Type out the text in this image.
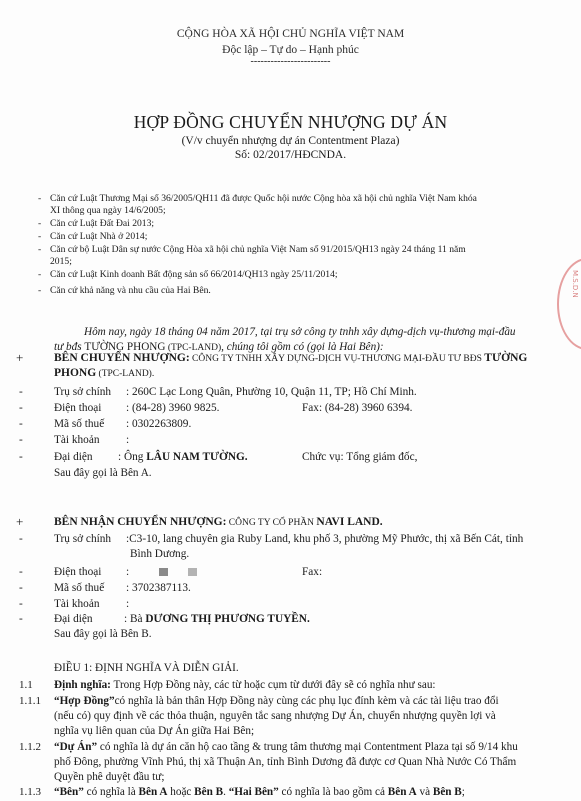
CỘNG HÒA XÃ HỘI CHỦ NGHĨA VIỆT NAM
Độc lập – Tự do – Hạnh phúc
------------------------
HỢP ĐỒNG CHUYỂN NHƯỢNG DỰ ÁN
(V/v chuyển nhượng dự án Contentment Plaza)
Số: 02/2017/HĐCNDA.
- Căn cứ Luật Thương Mại số 36/2005/QH11 đã được Quốc hội nước Cộng hòa xã hội chủ nghĩa Việt Nam khóa
XI thông qua ngày 14/6/2005;
- Căn cứ Luật Đất Đai 2013;
- Căn cứ Luật Nhà ở 2014;
- Căn cứ bộ Luật Dân sự nước Cộng Hòa xã hội chủ nghĩa Việt Nam số 91/2015/QH13 ngày 24 tháng 11 năm
2015;
- Căn cứ Luật Kinh doanh Bất động sản số 66/2014/QH13 ngày 25/11/2014;
- Căn cứ khả năng và nhu cầu của Hai Bên.	M.S.D.N
Hôm nay, ngày 18 tháng 04 năm 2017, tại trụ sở công ty tnhh xây dựng-dịch vụ-thương mại-đầu
tư bđs TƯỜNG PHONG (TPC-LAND), chúng tôi gồm có (gọi là Hai Bên):
+	BÊN CHUYỂN NHƯỢNG: CÔNG TY TNHH XÂY DỰNG-DỊCH VỤ-THƯƠNG MẠI-ĐẦU TƯ BĐS TƯỜNG
PHONG (TPC-LAND).
-	Trụ sở chính : 260C Lạc Long Quân, Phường 10, Quận 11, TP; Hồ Chí Minh.
-	Điện thoại : (84-28) 3960 9825.	Fax: (84-28) 3960 6394.
-	Mã số thuế : 0302263809.
-	Tài khoản :
-	Đại diện : Ông LÂU NAM TƯỜNG.	Chức vụ: Tổng giám đốc,
Sau đây gọi là Bên A.
+	BÊN NHẬN CHUYỂN NHƯỢNG: CÔNG TY CỔ PHẦN NAVI LAND.
-	Trụ sở chính :C3-10, lang chuyên gia Ruby Land, khu phố 3, phường Mỹ Phước, thị xã Bến Cát, tỉnh
Bình Dương.
-	Điện thoại :	Fax:
-	Mã số thuế : 3702387113.
-	Tài khoản :
-	Đại diện	: Bà DƯƠNG THỊ PHƯƠNG TUYỀN.
Sau đây gọi là Bên B.
ĐIỀU 1: ĐỊNH NGHĨA VÀ DIỄN GIẢI.
1.1 Định nghĩa: Trong Hợp Đồng này, các từ hoặc cụm từ dưới đây sẽ có nghĩa như sau:
1.1.1 “Hợp Đồng”có nghĩa là bản thân Hợp Đồng này cùng các phụ lục đính kèm và các tài liệu trao đổi
(nếu có) quy định về các thỏa thuận, nguyên tắc sang nhượng Dự Án, chuyển nhượng quyền lợi và
nghĩa vụ liên quan của Dự Án giữa Hai Bên;
1.1.2 “Dự Án” có nghĩa là dự án căn hộ cao tầng & trung tâm thương mại Contentment Plaza tại số 9/14 khu
phố Đông, phường Vĩnh Phú, thị xã Thuận An, tỉnh Bình Dương đã được cơ Quan Nhà Nước Có Thẩm
Quyền phê duyệt đầu tư;
1.1.3 “Bên” có nghĩa là Bên A hoặc Bên B. “Hai Bên” có nghĩa là bao gồm cả Bên A và Bên B;
